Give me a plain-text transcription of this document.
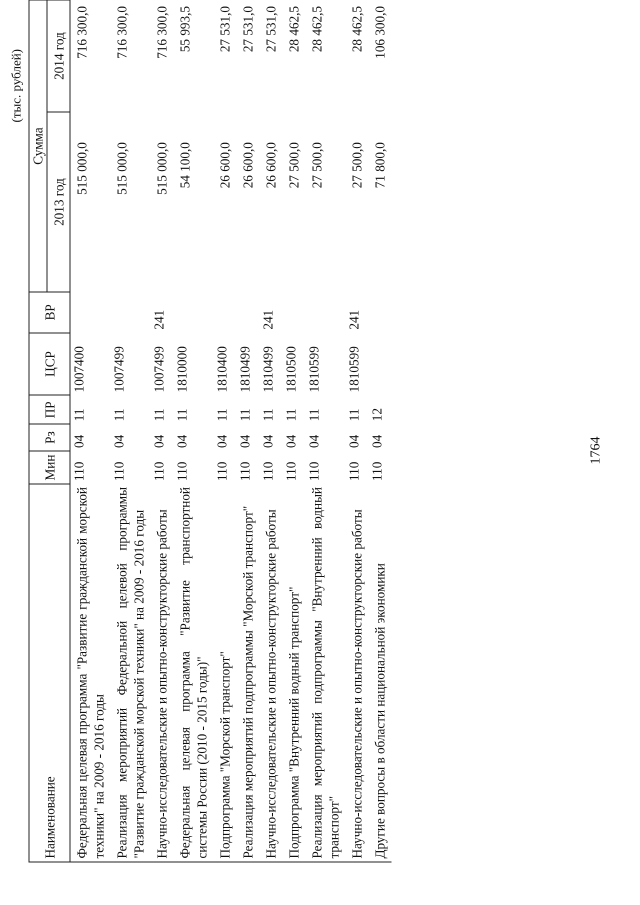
1764
(тыс. рублей)
Наименование	Мин	Рз	ПР	ЦСР	ВР	Сумма	
						2013 год	2014 год
Федеральная целевая программа "Развитие гражданской морской техники" на 2009 - 2016 годы	110	04	11	1007400		515 000,0	716 300,0
Реализация мероприятий Федеральной целевой программы "Развитие гражданской морской техники" на 2009 - 2016 годы	110	04	11	1007499		515 000,0	716 300,0
Научно-исследовательские и опытно-конструкторские работы	110	04	11	1007499	241	515 000,0	716 300,0
Федеральная целевая программа "Развитие транспортной системы России (2010 - 2015 годы)"	110	04	11	1810000		54 100,0	55 993,5
Подпрограмма "Морской транспорт"	110	04	11	1810400		26 600,0	27 531,0
Реализация мероприятий подпрограммы "Морской транспорт"	110	04	11	1810499		26 600,0	27 531,0
Научно-исследовательские и опытно-конструкторские работы	110	04	11	1810499	241	26 600,0	27 531,0
Подпрограмма "Внутренний водный транспорт"	110	04	11	1810500		27 500,0	28 462,5
Реализация мероприятий подпрограммы "Внутренний водный транспорт"	110	04	11	1810599		27 500,0	28 462,5
Научно-исследовательские и опытно-конструкторские работы	110	04	11	1810599	241	27 500,0	28 462,5
Другие вопросы в области национальной экономики	110	04	12			71 800,0	106 300,0
